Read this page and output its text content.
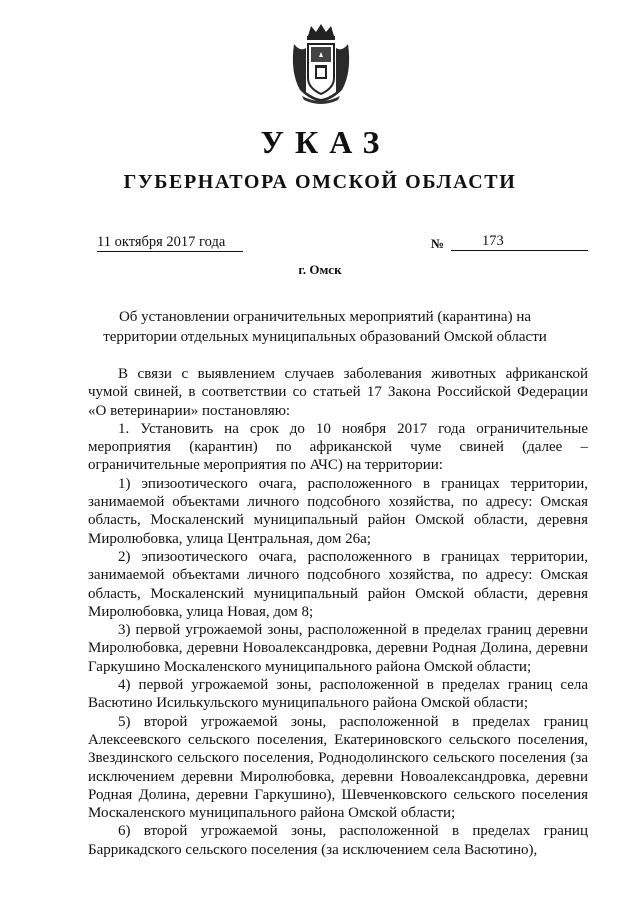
УКАЗ
ГУБЕРНАТОРА ОМСКОЙ ОБЛАСТИ
11 октября 2017 года	№	173
г. Омск
Об установлении ограничительных мероприятий (карантина) на территории отдельных муниципальных образований Омской области

В связи с выявлением случаев заболевания животных африканской чумой свиней, в соответствии со статьей 17 Закона Российской Федерации «О ветеринарии» постановляю:

1. Установить на срок до 10 ноября 2017 года ограничительные мероприятия (карантин) по африканской чуме свиней (далее – ограничительные мероприятия по АЧС) на территории:

1) эпизоотического очага, расположенного в границах территории, занимаемой объектами личного подсобного хозяйства, по адресу: Омская область, Москаленский муниципальный район Омской области, деревня Миролюбовка, улица Центральная, дом 26а;

2) эпизоотического очага, расположенного в границах территории, занимаемой объектами личного подсобного хозяйства, по адресу: Омская область, Москаленский муниципальный район Омской области, деревня Миролюбовка, улица Новая, дом 8;

3) первой угрожаемой зоны, расположенной в пределах границ деревни Миролюбовка, деревни Новоалександровка, деревни Родная Долина, деревни Гаркушино Москаленского муниципального района Омской области;

4) первой угрожаемой зоны, расположенной в пределах границ села Васютино Исилькульского муниципального района Омской области;

5) второй угрожаемой зоны, расположенной в пределах границ Алексеевского сельского поселения, Екатериновского сельского поселения, Звездинского сельского поселения, Роднодолинского сельского поселения (за исключением деревни Миролюбовка, деревни Новоалександровка, деревни Родная Долина, деревни Гаркушино), Шевченковского сельского поселения Москаленского муниципального района Омской области;

6) второй угрожаемой зоны, расположенной в пределах границ Баррикадского сельского поселения (за исключением села Васютино),
